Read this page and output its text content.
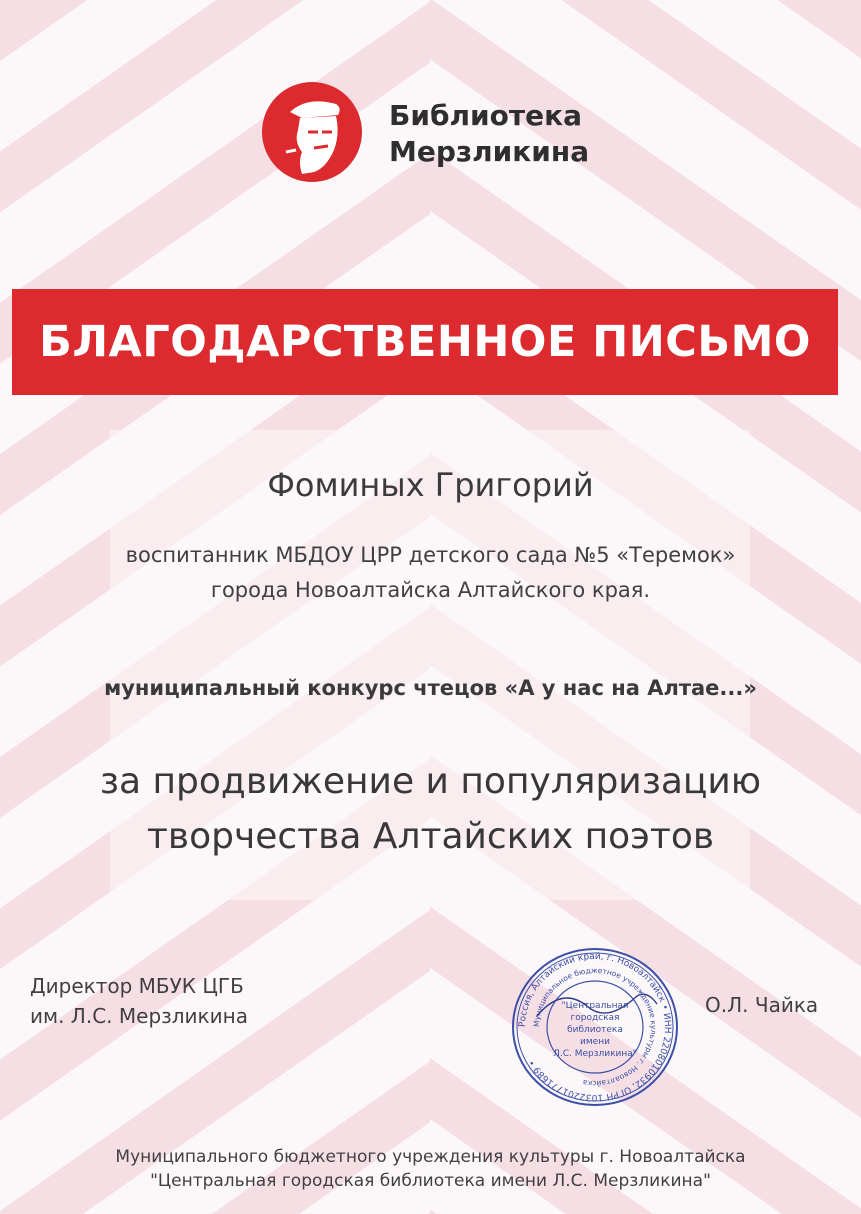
Библиотека
Мерзликина
БЛАГОДАРСТВЕННОЕ ПИСЬМО
Фоминых Григорий
воспитанник МБДОУ ЦРР детского сада №5 «Теремок»
города Новоалтайска Алтайского края.
муниципальный конкурс чтецов «А у нас на Алтае...»
за продвижение и популяризацию
творчества Алтайских поэтов
Директор МБУК ЦГБ
им. Л.С. Мерзликина	Россия, Алтайский край, г. Новоалтайск • ИНН 2208010932, ОГРН 1032201771689 •
Муниципальное бюджетное учреждение культуры г. Новоалтайска
"Центральная
городская
библиотека
имени
Л.С. Мерзликина"
О.Л. Чайка
Муниципального бюджетного учреждения культуры г. Новоалтайска
"Центральная городская библиотека имени Л.С. Мерзликина"
